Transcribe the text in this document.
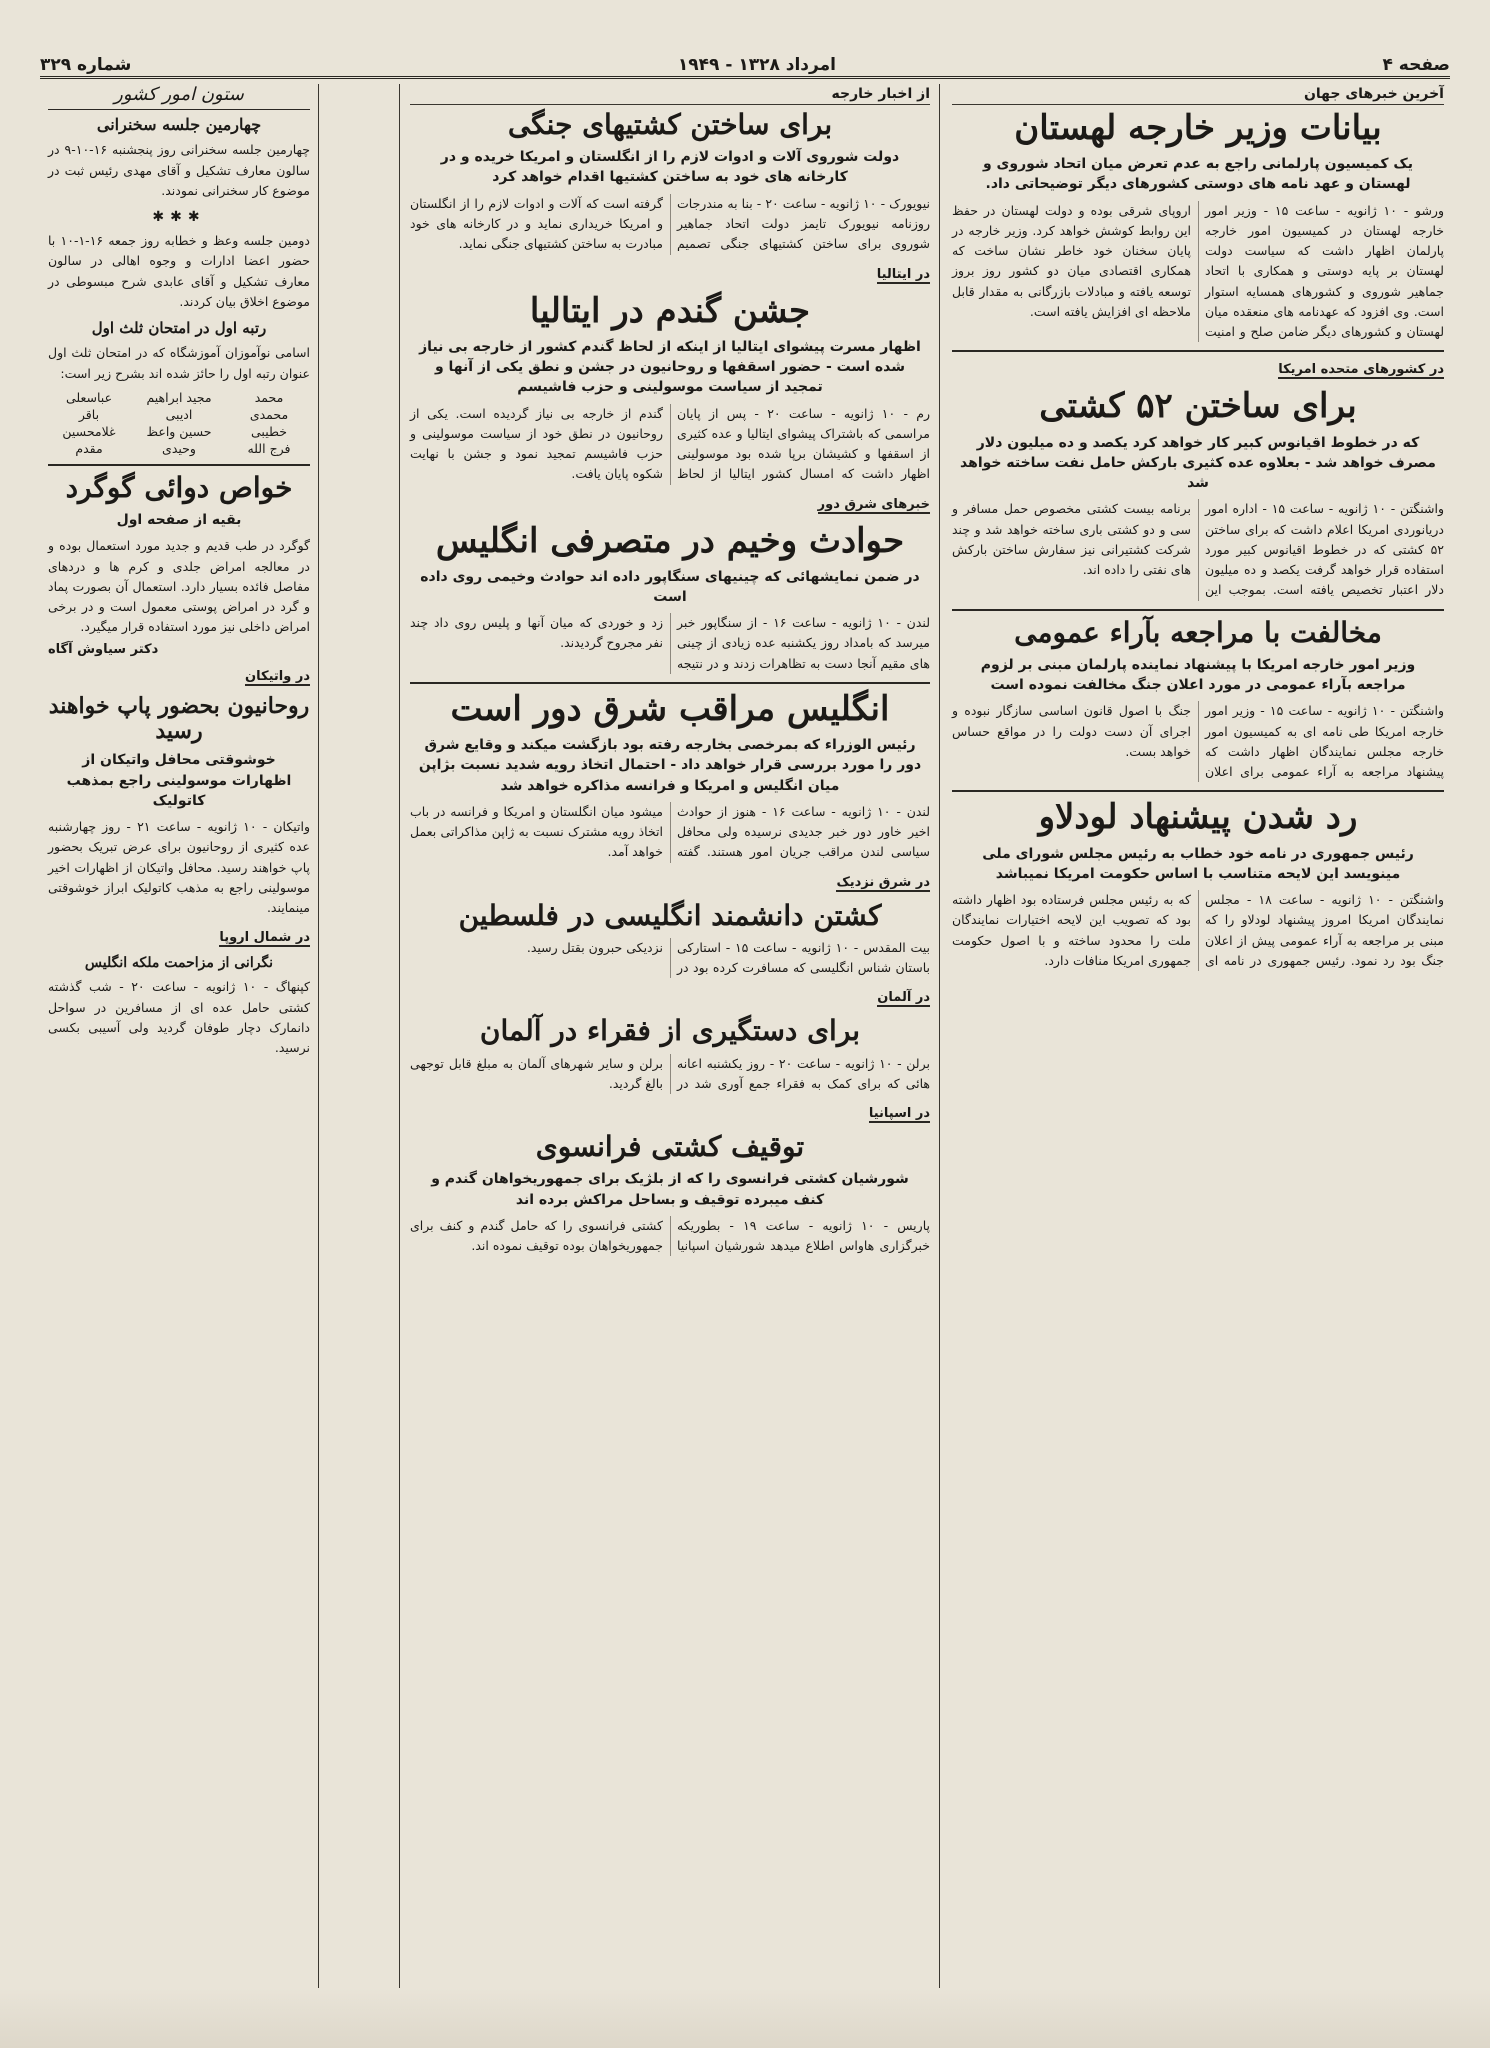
صفحه ۴
امرداد ۱۳۲۸ - ۱۹۴۹
شماره ۳۲۹
آخرین خبرهای جهان
بیانات وزیر خارجه لهستان
یک کمیسیون پارلمانی راجع به عدم تعرض میان اتحاد شوروی و لهستان و عهد نامه های دوستی کشورهای دیگر توضیحاتی داد.
ورشو - ۱۰ ژانویه - ساعت ۱۵ - وزیر امور خارجه لهستان در کمیسیون امور خارجه پارلمان اظهار داشت که سیاست دولت لهستان بر پایه دوستی و همکاری با اتحاد جماهیر شوروی و کشورهای همسایه استوار است. وی افزود که عهدنامه های منعقده میان لهستان و کشورهای دیگر ضامن صلح و امنیت اروپای شرقی بوده و دولت لهستان در حفظ این روابط کوشش خواهد کرد. وزیر خارجه در پایان سخنان خود خاطر نشان ساخت که همکاری اقتصادی میان دو کشور روز بروز توسعه یافته و مبادلات بازرگانی به مقدار قابل ملاحظه ای افزایش یافته است.
در کشورهای متحده امریکا
برای ساختن ۵۲ کشتی
که در خطوط اقیانوس کبیر کار خواهد کرد یکصد و ده میلیون دلار مصرف خواهد شد - بعلاوه عده کثیری بارکش حامل نفت ساخته خواهد شد
واشنگتن - ۱۰ ژانویه - ساعت ۱۵ - اداره امور دریانوردی امریکا اعلام داشت که برای ساختن ۵۲ کشتی که در خطوط اقیانوس کبیر مورد استفاده قرار خواهد گرفت یکصد و ده میلیون دلار اعتبار تخصیص یافته است. بموجب این برنامه بیست کشتی مخصوص حمل مسافر و سی و دو کشتی باری ساخته خواهد شد و چند شرکت کشتیرانی نیز سفارش ساختن بارکش های نفتی را داده اند.
مخالفت با مراجعه بآراء عمومی
وزیر امور خارجه امریکا با پیشنهاد نماینده پارلمان مبنی بر لزوم مراجعه بآراء عمومی در مورد اعلان جنگ مخالفت نموده است
واشنگتن - ۱۰ ژانویه - ساعت ۱۵ - وزیر امور خارجه امریکا طی نامه ای به کمیسیون امور خارجه مجلس نمایندگان اظهار داشت که پیشنهاد مراجعه به آراء عمومی برای اعلان جنگ با اصول قانون اساسی سازگار نبوده و اجرای آن دست دولت را در مواقع حساس خواهد بست.
رد شدن پیشنهاد لودلاو
رئیس جمهوری در نامه خود خطاب به رئیس مجلس شورای ملی مینویسد این لایحه متناسب با اساس حکومت امریکا نمیباشد
واشنگتن - ۱۰ ژانویه - ساعت ۱۸ - مجلس نمایندگان امریکا امروز پیشنهاد لودلاو را که مبنی بر مراجعه به آراء عمومی پیش از اعلان جنگ بود رد نمود. رئیس جمهوری در نامه ای که به رئیس مجلس فرستاده بود اظهار داشته بود که تصویب این لایحه اختیارات نمایندگان ملت را محدود ساخته و با اصول حکومت جمهوری امریکا منافات دارد.
از اخبار خارجه
برای ساختن کشتیهای جنگی
دولت شوروی آلات و ادوات لازم را از انگلستان و امریکا خریده و در کارخانه های خود به ساختن کشتیها اقدام خواهد کرد
نیویورک - ۱۰ ژانویه - ساعت ۲۰ - بنا به مندرجات روزنامه نیویورک تایمز دولت اتحاد جماهیر شوروی برای ساختن کشتیهای جنگی تصمیم گرفته است که آلات و ادوات لازم را از انگلستان و امریکا خریداری نماید و در کارخانه های خود مبادرت به ساختن کشتیهای جنگی نماید.
در ایتالیا
جشن گندم در ایتالیا
اظهار مسرت پیشوای ایتالیا از اینکه از لحاظ گندم کشور از خارجه بی نیاز شده است - حضور اسقفها و روحانیون در جشن و نطق یکی از آنها و تمجید از سیاست موسولینی و حزب فاشیسم
رم - ۱۰ ژانویه - ساعت ۲۰ - پس از پایان مراسمی که باشتراک پیشوای ایتالیا و عده کثیری از اسقفها و کشیشان برپا شده بود موسولینی اظهار داشت که امسال کشور ایتالیا از لحاظ گندم از خارجه بی نیاز گردیده است. یکی از روحانیون در نطق خود از سیاست موسولینی و حزب فاشیسم تمجید نمود و جشن با نهایت شکوه پایان یافت.
خبرهای شرق دور
حوادث وخیم در متصرفی انگلیس
در ضمن نمایشهائی که چینیهای سنگاپور داده اند حوادث وخیمی روی داده است
لندن - ۱۰ ژانویه - ساعت ۱۶ - از سنگاپور خبر میرسد که بامداد روز یکشنبه عده زیادی از چینی های مقیم آنجا دست به تظاهرات زدند و در نتیجه زد و خوردی که میان آنها و پلیس روی داد چند نفر مجروح گردیدند.
انگلیس مراقب شرق دور است
رئیس الوزراء که بمرخصی بخارجه رفته بود بازگشت میکند و وقایع شرق دور را مورد بررسی قرار خواهد داد - احتمال اتخاذ رویه شدید نسبت بژاپن میان انگلیس و امریکا و فرانسه مذاکره خواهد شد
لندن - ۱۰ ژانویه - ساعت ۱۶ - هنوز از حوادث اخیر خاور دور خبر جدیدی نرسیده ولی محافل سیاسی لندن مراقب جریان امور هستند. گفته میشود میان انگلستان و امریکا و فرانسه در باب اتخاذ رویه مشترک نسبت به ژاپن مذاکراتی بعمل خواهد آمد.
در شرق نزدیک
کشتن دانشمند انگلیسی در فلسطین
بیت المقدس - ۱۰ ژانویه - ساعت ۱۵ - استارکی باستان شناس انگلیسی که مسافرت کرده بود در نزدیکی حبرون بقتل رسید.
در آلمان
برای دستگیری از فقراء در آلمان
برلن - ۱۰ ژانویه - ساعت ۲۰ - روز یکشنبه اعانه هائی که برای کمک به فقراء جمع آوری شد در برلن و سایر شهرهای آلمان به مبلغ قابل توجهی بالغ گردید.
در اسپانیا
توقیف کشتی فرانسوی
شورشیان کشتی فرانسوی را که از بلژیک برای جمهوریخواهان گندم و کنف میبرده توقیف و بساحل مراکش برده اند
پاریس - ۱۰ ژانویه - ساعت ۱۹ - بطوریکه خبرگزاری هاواس اطلاع میدهد شورشیان اسپانیا کشتی فرانسوی را که حامل گندم و کنف برای جمهوریخواهان بوده توقیف نموده اند.
ستون امور کشور
چهارمین جلسه سخنرانی
چهارمین جلسه سخنرانی روز پنجشنبه ۱۶-۱۰-۹ در سالون معارف تشکیل و آقای مهدی رئیس ثبت در موضوع کار سخنرانی نمودند.
✱✱✱
دومین جلسه وعظ و خطابه روز جمعه ۱۶-۱-۱۰ با حضور اعضا ادارات و وجوه اهالی در سالون معارف تشکیل و آقای عابدی شرح مبسوطی در موضوع اخلاق بیان کردند.
رتبه اول در امتحان ثلث اول
اسامی نوآموزان آموزشگاه که در امتحان ثلث اول عنوان رتبه اول را حائز شده اند بشرح زیر است:
محمد
مجید ابراهیم
عباسعلی
محمدی
ادیبی
باقر
خطیبی
حسین واعظ
غلامحسین
فرج الله
وحیدی
مقدم
خواص دوائی گوگرد
بقیه از صفحه اول
گوگرد در طب قدیم و جدید مورد استعمال بوده و در معالجه امراض جلدی و کرم ها و دردهای مفاصل فائده بسیار دارد. استعمال آن بصورت پماد و گرد در امراض پوستی معمول است و در برخی امراض داخلی نیز مورد استفاده قرار میگیرد.
دکتر سیاوش آگاه
در واتیکان
روحانیون بحضور پاپ خواهند رسید
خوشوقتی محافل واتیکان از اظهارات موسولینی راجع بمذهب کاتولیک
واتیکان - ۱۰ ژانویه - ساعت ۲۱ - روز چهارشنبه عده کثیری از روحانیون برای عرض تبریک بحضور پاپ خواهند رسید. محافل واتیکان از اظهارات اخیر موسولینی راجع به مذهب کاتولیک ابراز خوشوقتی مینمایند.
در شمال اروپا
نگرانی از مزاحمت ملکه انگلیس
کپنهاگ - ۱۰ ژانویه - ساعت ۲۰ - شب گذشته کشتی حامل عده ای از مسافرین در سواحل دانمارک دچار طوفان گردید ولی آسیبی بکسی نرسید.
